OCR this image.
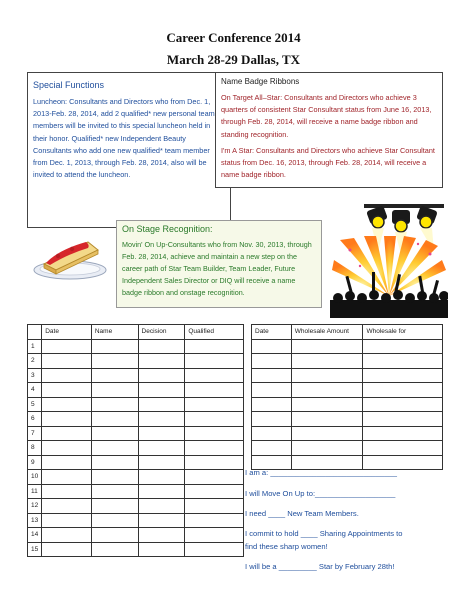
Career Conference 2014
March 28-29 Dallas, TX
Special Functions
Luncheon: Consultants and Directors who from Dec. 1, 2013-Feb. 28, 2014, add 2 qualified* new personal team members will be invited to this special luncheon held in their honor. Qualified* new Independent Beauty Consultants who add one new qualified* team member from Dec. 1, 2013, through Feb. 28, 2014, also will be invited to attend the luncheon.
Name Badge Ribbons
On Target All–Star: Consultants and Directors who achieve 3 quarters of consistent Star Consultant status from June 16, 2013, through Feb. 28, 2014, will receive a name badge ribbon and standing recognition.
I'm A Star: Consultants and Directors who achieve Star Consultant status from Dec. 16, 2013, through Feb. 28, 2014, will receive a name badge ribbon.
On Stage Recognition:
Movin' On Up-Consultants who from Nov. 30, 2013, through Feb. 28, 2014, achieve and maintain a new step on the career path of Star Team Builder, Team Leader, Future Independent Sales Director or DIQ will receive a name badge ribbon and onstage recognition.
	Date	Name	Decision	Qualified
1				
2				
3				
4				
5				
6				
7				
8				
9				
10				
11				
12				
13				
14				
15				
Date	Wholesale Amount	Wholesale for

I am a: ______________________________
I will Move On Up to:___________________
I need ____ New Team Members.
I commit to hold ____ Sharing Appointments to
find these sharp women!
I will be a _________ Star by February 28th!
